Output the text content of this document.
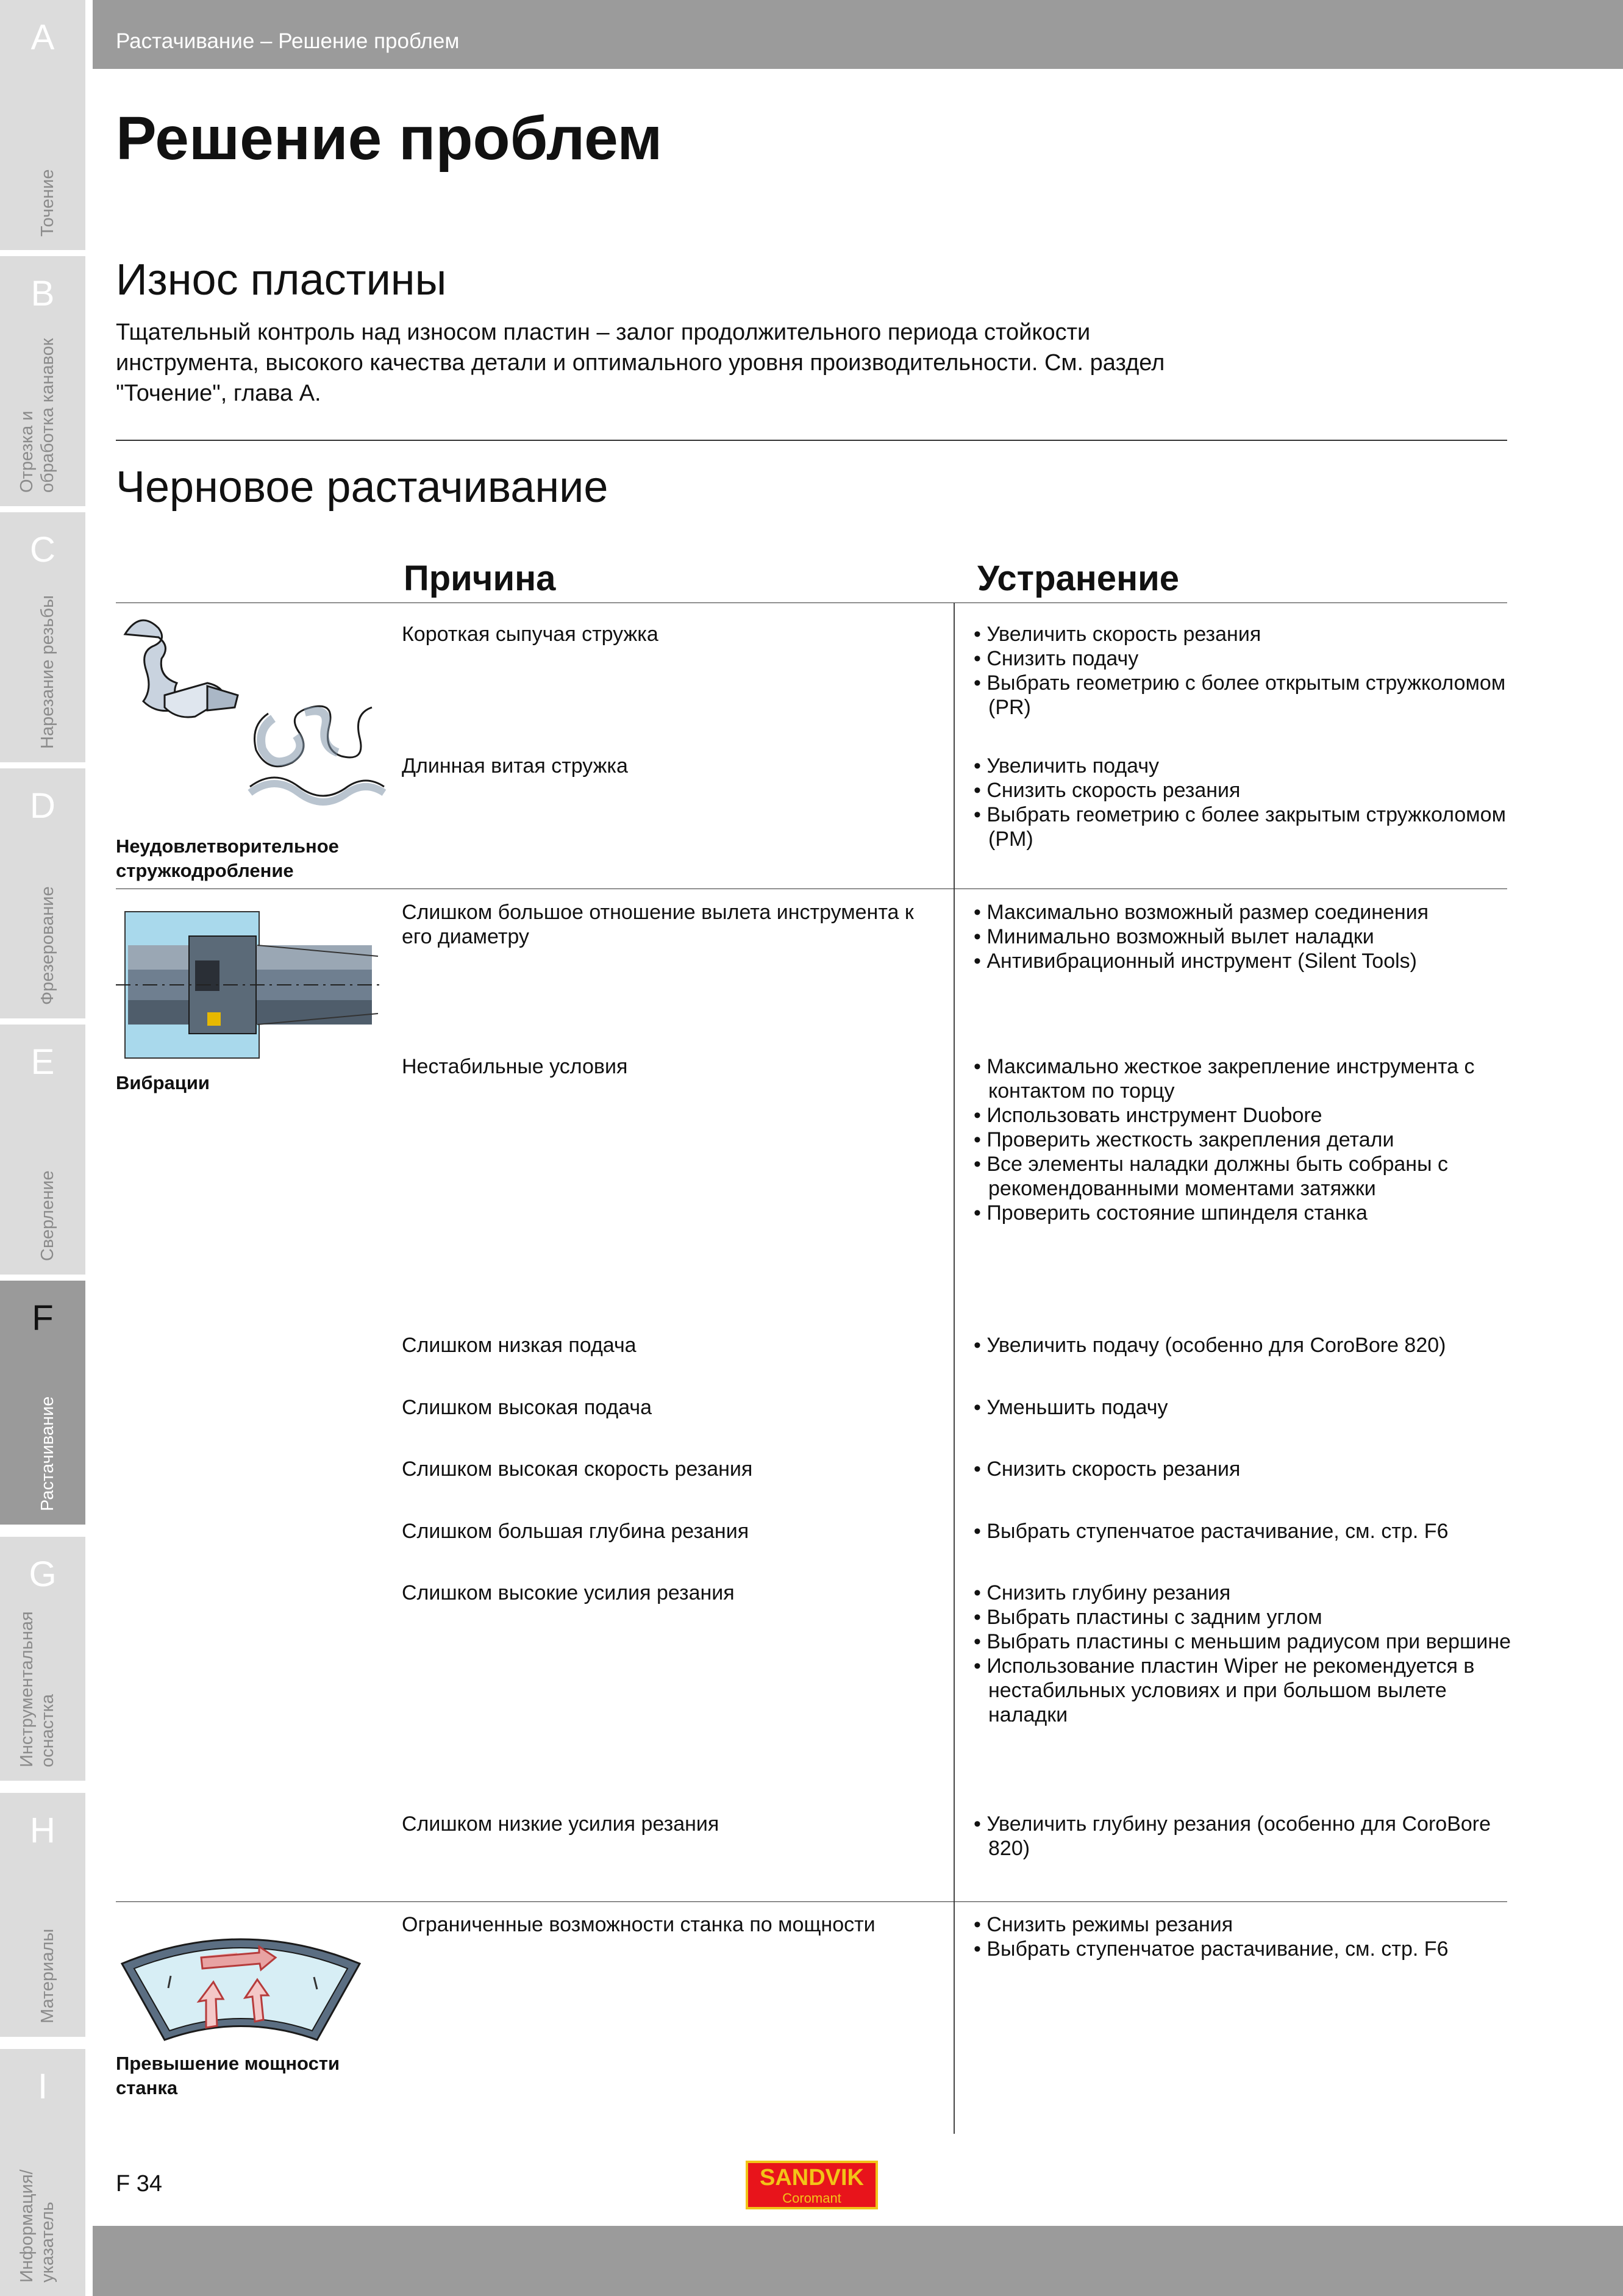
A
Точение
B
Отрезка и
обработка канавок
C
Нарезание резьбы
D
Фрезерование
E
Сверление
F
Растачивание
G
Инструментальная
оснастка
H
Материалы
I
Информация/
указатель
Растачивание – Решение проблем
Решение проблем
Износ пластины
Тщательный контроль над износом пластин – залог продолжительного периода стойкости
инструмента, высокого качества детали и оптимального уровня производительности. См. раздел
"Точение", глава А.
Черновое растачивание
Причина	Устранение
Неудовлетворительное
стружкодробление
Короткая сыпучая стружка	• Увеличить скорость резания
• Снизить подачу
• Выбрать геометрию с более открытым стружколомом (PR)
Длинная витая стружка	• Увеличить подачу
• Снизить скорость резания
• Выбрать геометрию с более закрытым стружколомом (PM)
Вибрации
Слишком большое отношение вылета инструмента к его диаметру
• Максимально возможный размер соединения
• Минимально возможный вылет наладки
• Антивибрационный инструмент (Silent Tools)
Нестабильные условия	• Максимально жесткое закрепление инструмента с контактом по торцу
• Использовать инструмент Duobore
• Проверить жесткость закрепления детали
• Все элементы наладки должны быть собраны с рекомендованными моментами затяжки
• Проверить состояние шпинделя станка
Слишком низкая подача	• Увеличить подачу (особенно для CoroBore 820)
Слишком высокая подача	• Уменьшить подачу
Слишком высокая скорость резания	• Снизить скорость резания
Слишком большая глубина резания	• Выбрать ступенчатое растачивание, см. стр. F6
Слишком высокие усилия резания	• Снизить глубину резания
• Выбрать пластины с задним углом
• Выбрать пластины с меньшим радиусом при вершине
• Использование пластин Wiper не рекомендуется в нестабильных условиях и при большом вылете наладки
Слишком низкие усилия резания	• Увеличить глубину резания (особенно для CoroBore 820)
Превышение мощности
станка
Ограниченные возможности станка по мощности	• Снизить режимы резания
• Выбрать ступенчатое растачивание, см. стр. F6
F 34	SANDVIK
Coromant
